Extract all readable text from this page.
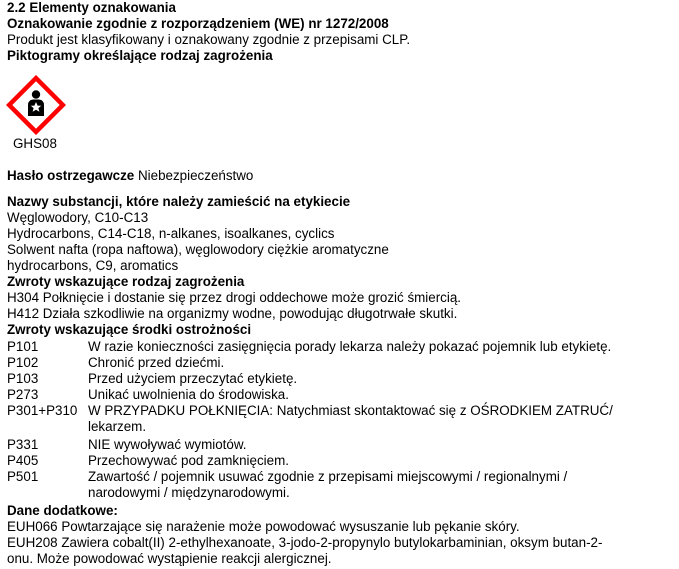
2.2 Elementy oznakowania
Oznakowanie zgodnie z rozporządzeniem (WE) nr 1272/2008
Produkt jest klasyfikowany i oznakowany zgodnie z przepisami CLP.
Piktogramy określające rodzaj zagrożenia
GHS08
Hasło ostrzegawcze Niebezpieczeństwo
Nazwy substancji, które należy zamieścić na etykiecie
Węglowodory, C10-C13
Hydrocarbons, C14-C18, n-alkanes, isoalkanes, cyclics
Solwent nafta (ropa naftowa), węglowodory ciężkie aromatyczne
hydrocarbons, C9, aromatics
Zwroty wskazujące rodzaj zagrożenia
H304 Połknięcie i dostanie się przez drogi oddechowe może grozić śmiercią.
H412 Działa szkodliwie na organizmy wodne, powodując długotrwałe skutki.
Zwroty wskazujące środki ostrożności
P101	W razie konieczności zasięgnięcia porady lekarza należy pokazać pojemnik lub etykietę.
P102	Chronić przed dziećmi.
P103	Przed użyciem przeczytać etykietę.
P273	Unikać uwolnienia do środowiska.
P301+P310 W PRZYPADKU POŁKNIĘCIA: Natychmiast skontaktować się z OŚRODKIEM ZATRUĆ/
lekarzem.
P331	NIE wywoływać wymiotów.
P405	Przechowywać pod zamknięciem.
P501	Zawartość / pojemnik usuwać zgodnie z przepisami miejscowymi / regionalnymi /
narodowymi / międzynarodowymi.
Dane dodatkowe:
EUH066 Powtarzające się narażenie może powodować wysuszanie lub pękanie skóry.
EUH208 Zawiera cobalt(II) 2-ethylhexanoate, 3-jodo-2-propynylo butylokarbaminian, oksym butan-2-
onu. Może powodować wystąpienie reakcji alergicznej.
